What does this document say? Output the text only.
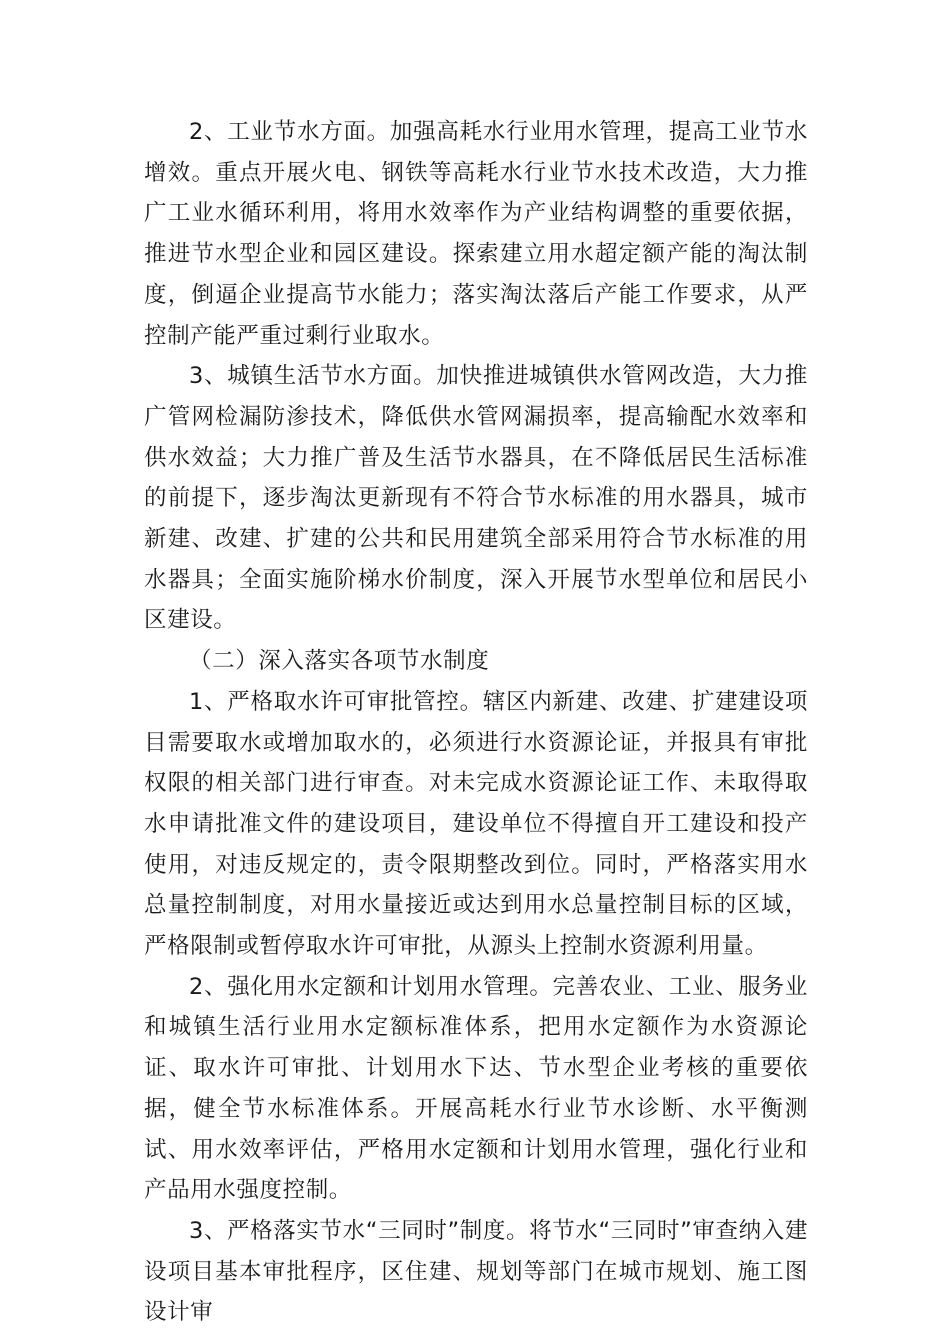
2、工业节水方面。加强高耗水行业用水管理，提高工业节水增效。重点开展火电、钢铁等高耗水行业节水技术改造，大力推广工业水循环利用，将用水效率作为产业结构调整的重要依据，推进节水型企业和园区建设。探索建立用水超定额产能的淘汰制度，倒逼企业提高节水能力；落实淘汰落后产能工作要求，从严控制产能严重过剩行业取水。

3、城镇生活节水方面。加快推进城镇供水管网改造，大力推广管网检漏防渗技术，降低供水管网漏损率，提高输配水效率和供水效益；大力推广普及生活节水器具，在不降低居民生活标准的前提下，逐步淘汰更新现有不符合节水标准的用水器具，城市新建、改建、扩建的公共和民用建筑全部采用符合节水标准的用水器具；全面实施阶梯水价制度，深入开展节水型单位和居民小区建设。

（二）深入落实各项节水制度

1、严格取水许可审批管控。辖区内新建、改建、扩建建设项目需要取水或增加取水的，必须进行水资源论证，并报具有审批权限的相关部门进行审查。对未完成水资源论证工作、未取得取水申请批准文件的建设项目，建设单位不得擅自开工建设和投产使用，对违反规定的，责令限期整改到位。同时，严格落实用水总量控制制度，对用水量接近或达到用水总量控制目标的区域，严格限制或暂停取水许可审批，从源头上控制水资源利用量。

2、强化用水定额和计划用水管理。完善农业、工业、服务业和城镇生活行业用水定额标准体系，把用水定额作为水资源论证、取水许可审批、计划用水下达、节水型企业考核的重要依据，健全节水标准体系。开展高耗水行业节水诊断、水平衡测试、用水效率评估，严格用水定额和计划用水管理，强化行业和产品用水强度控制。

3、严格落实节水“三同时”制度。将节水“三同时”审查纳入建设项目基本审批程序，区住建、规划等部门在城市规划、施工图设计审
